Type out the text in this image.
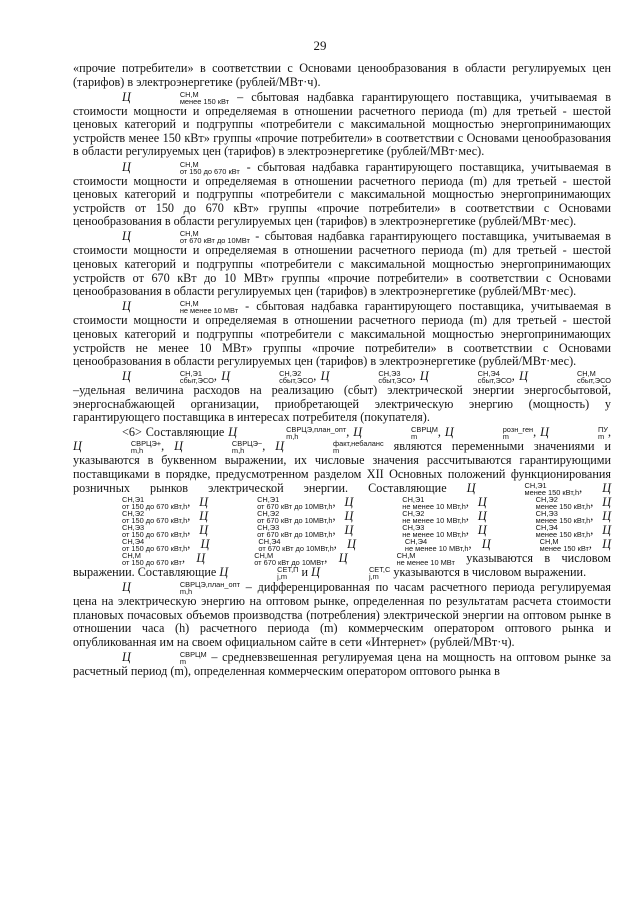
29

«прочие потребители» в соответствии с Основами ценообразования в области регулируемых цен (тарифов) в электроэнергетике (рублей/МВт·ч).

Ц	СН,М
менее 150 кВт – сбытовая надбавка гарантирующего поставщика, учитываемая в стоимости мощности и определяемая в отношении расчетного периода (m) для третьей - шестой ценовых категорий и подгруппы «потребители с максимальной мощностью энергопринимающих устройств менее 150 кВт» группы «прочие потребители» в соответствии с Основами ценообразования в области регулируемых цен (тарифов) в электроэнергетике (рублей/МВт·мес).

Ц	СН,М
от 150 до 670 кВт - сбытовая надбавка гарантирующего поставщика, учитываемая в стоимости мощности и определяемая в отношении расчетного периода (m) для третьей - шестой ценовых категорий и подгруппы «потребители с максимальной мощностью энергопринимающих устройств от 150 до 670 кВт» группы «прочие потребители» в соответствии с Основами ценообразования в области регулируемых цен (тарифов) в электроэнергетике (рублей/МВт·мес).

Ц	СН,М
от 670 кВт до 10МВт - сбытовая надбавка гарантирующего поставщика, учитываемая в стоимости мощности и определяемая в отношении расчетного периода (m) для третьей - шестой ценовых категорий и подгруппы «потребители с максимальной мощностью энергопринимающих устройств от 670 кВт до 10 МВт» группы «прочие потребители» в соответствии с Основами ценообразования в области регулируемых цен (тарифов) в электроэнергетике (рублей/МВт·мес).

Ц	СН,М
не менее 10 МВт - сбытовая надбавка гарантирующего поставщика, учитываемая в стоимости мощности и определяемая в отношении расчетного периода (m) для третьей - шестой ценовых категорий и подгруппы «потребители с максимальной мощностью энергопринимающих устройств не менее 10 МВт» группы «прочие потребители» в соответствии с Основами ценообразования в области регулируемых цен (тарифов) в электроэнергетике (рублей/МВт·мес).

Ц	СН,Э1
сбыт,ЭСО , Ц	СН,Э2
сбыт,ЭСО , Ц	СН,Э3
сбыт,ЭСО , Ц	СН,Э4
сбыт,ЭСО , Ц	СН,М
сбыт,ЭСО
–удельная величина расходов на реализацию (сбыт) электрической энергии энергосбытовой, энергоснабжающей организации, приобретающей электрическую энергию (мощность) у гарантирующего поставщика в интересах потребителя (покупателя).

<6> Составляющие Ц	СВРЦЭ,план_опт
m,h	, Ц	СВРЦМ
m	, Ц	розн_ген
m	, Ц	ПУ
m , Ц	СВРЦЭ+
m,h	, Ц	СВРЦЭ−
m,h	, Ц	факт,небаланс
m	являются переменными значениями и указываются в буквенном выражении, их числовые значения рассчитываются гарантирующими поставщиками в порядке, предусмотренном разделом XII Основных положений функционирования розничных рынков электрической энергии. Составляющие Ц	СН,Э1
менее 150 кВт,h , Ц
СН,Э1
от 150 до 670 кВт,h , Ц	СН,Э1
от 670 кВт до 10МВт,h , Ц	СН,Э1
не менее 10 МВт,h , Ц	СН,Э2
менее 150 кВт,h , Ц
СН,Э2
от 150 до 670 кВт,h , Ц	СН,Э2
от 670 кВт до 10МВт,h , Ц	СН,Э2
не менее 10 МВт,h , Ц	СН,Э3
менее 150 кВт,h , Ц
СН,Э3
от 150 до 670 кВт,h , Ц	СН,Э3
от 670 кВт до 10МВт,h , Ц	СН,Э3
не менее 10 МВт,h , Ц	СН,Э4
менее 150 кВт,h , Ц
СН,Э4
от 150 до 670 кВт,h , Ц	СН,Э4
от 670 кВт до 10МВт,h , Ц	СН,Э4
не менее 10 МВт,h , Ц	СН,М
менее 150 кВт , Ц
СН,М
от 150 до 670 кВт , Ц	СН,М
от 670 кВт до 10МВт , Ц	СН,М
не менее 10 МВт указываются в числовом выражении. Составляющие Ц	СЕТ,П
j,m и Ц	СЕТ,С
j,m	указываются в числовом выражении.

Ц	СВРЦЭ,план_опт
m,h	– дифференцированная по часам расчетного периода регулируемая цена на электрическую энергию на оптовом рынке, определенная по результатам расчета стоимости плановых почасовых объемов производства (потребления) электрической энергии на оптовом рынке в отношении часа (h) расчетного периода (m) коммерческим оператором оптового рынка и опубликованная им на своем официальном сайте в сети «Интернет» (рублей/МВт·ч).

Ц	СВРЦМ
m	– средневзвешенная регулируемая цена на мощность на оптовом рынке за расчетный период (m), определенная коммерческим оператором оптового рынка в
